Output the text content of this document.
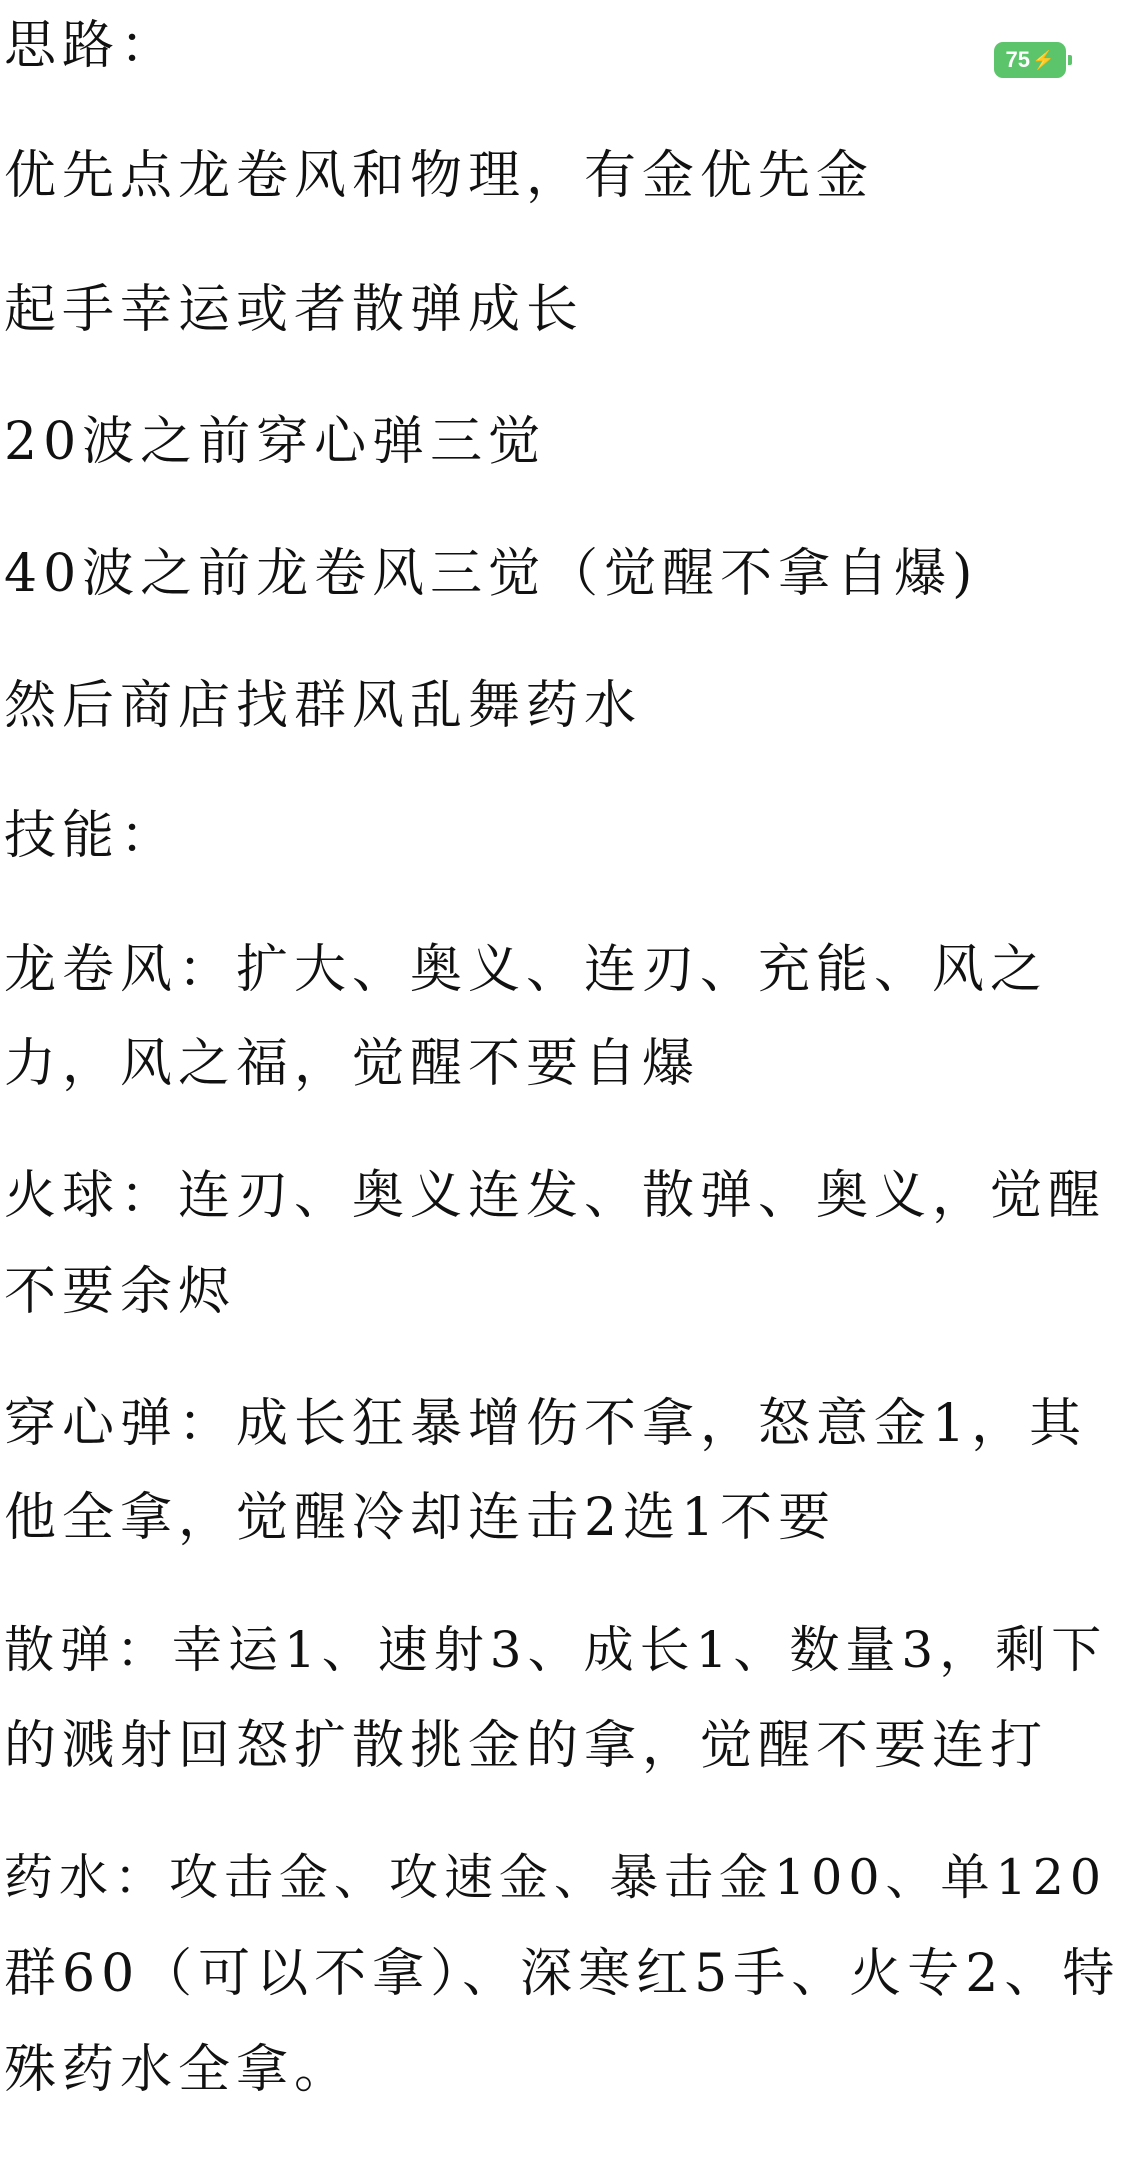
75 ⚡
思路：
优先点龙卷风和物理，有金优先金
起手幸运或者散弹成长
20波之前穿心弹三觉
40波之前龙卷风三觉（觉醒不拿自爆)
然后商店找群风乱舞药水
技能：
龙卷风：扩大、奥义、连刃、充能、风之
力，风之福，觉醒不要自爆
火球：连刃、奥义连发、散弹、奥义，觉醒
不要余烬
穿心弹：成长狂暴增伤不拿，怒意金1，其
他全拿，觉醒冷却连击2选1不要
散弹：幸运1、速射3、成长1、数量3，剩下
的溅射回怒扩散挑金的拿，觉醒不要连打
药水：攻击金、攻速金、暴击金100、单120
群60（可以不拿）、深寒红5手、火专2、特
殊药水全拿。
